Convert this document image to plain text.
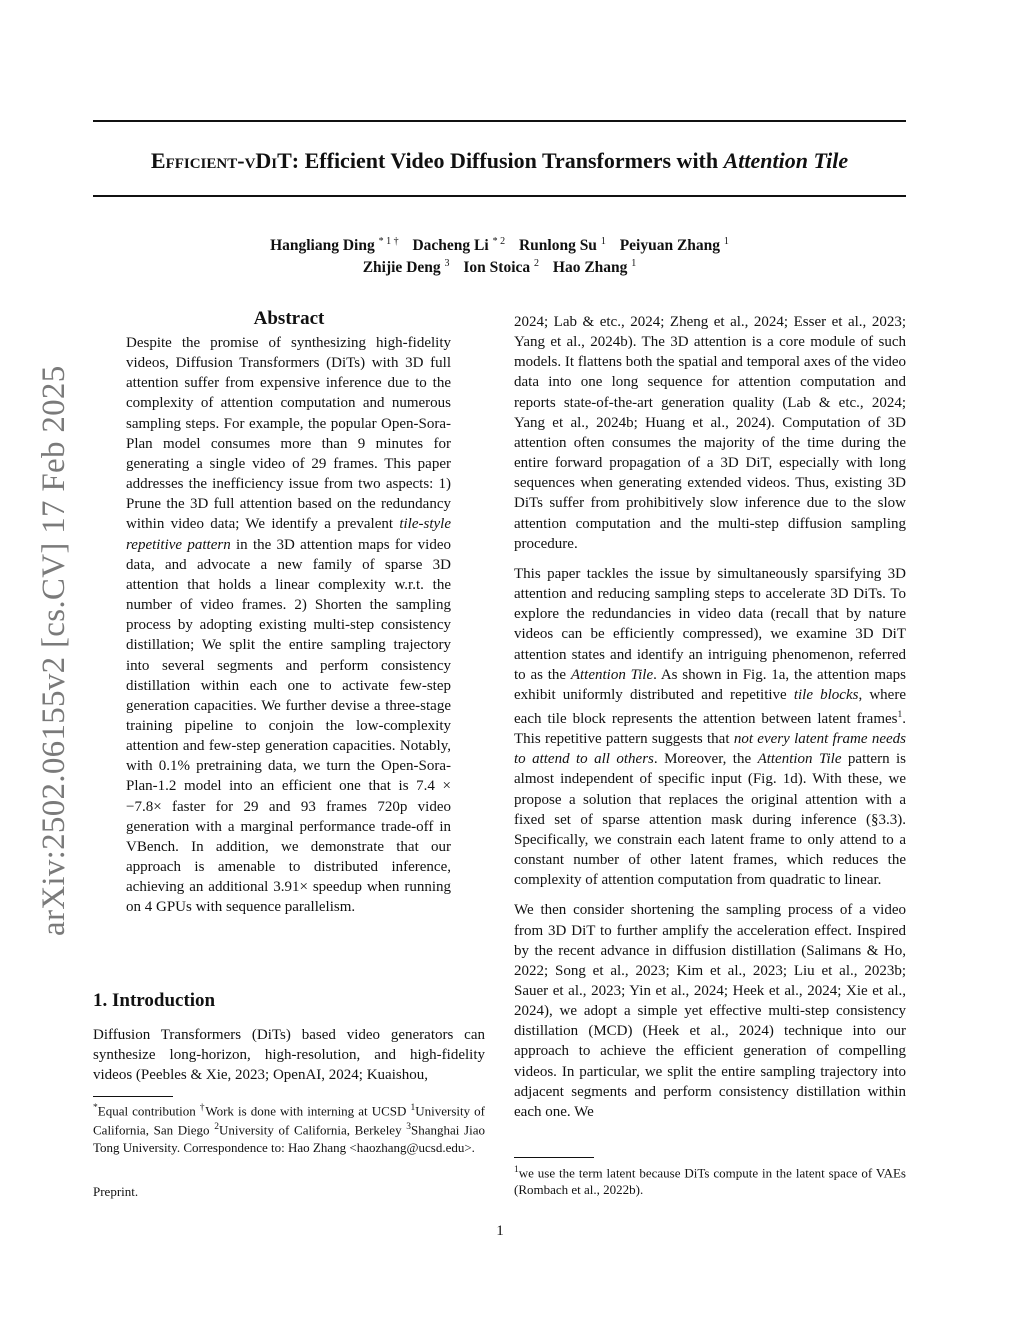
Efficient-vDiT: Efficient Video Diffusion Transformers with Attention Tile
Hangliang Ding $^{* 1 \dagger}$ Dacheng Li $^{* 2}$ Runlong Su $^1$ Peiyuan Zhang $^1$
Zhijie Deng $^3$ Ion Stoica $^2$ Hao Zhang $^1$
arXiv:2502.06155v2 [cs.CV] 17 Feb 2025
Abstract

Despite the promise of synthesizing high-fidelity videos, Diffusion Transformers (DiTs) with 3D full attention suffer from expensive inference due to the complexity of attention computation and numerous sampling steps. For example, the popular Open-Sora-Plan model consumes more than 9 minutes for generating a single video of 29 frames. This paper addresses the inefficiency issue from two aspects: 1) Prune the 3D full attention based on the redundancy within video data; We identify a prevalent tile-style repetitive pattern in the 3D attention maps for video data, and advocate a new family of sparse 3D attention that holds a linear complexity w.r.t. the number of video frames. 2) Shorten the sampling process by adopting existing multi-step consistency distillation; We split the entire sampling trajectory into several segments and perform consistency distillation within each one to activate few-step generation capacities. We further devise a three-stage training pipeline to conjoin the low-complexity attention and few-step generation capacities. Notably, with 0.1% pretraining data, we turn the Open-Sora-Plan-1.2 model into an efficient one that is 7.4 × −7.8× faster for 29 and 93 frames 720p video generation with a marginal performance trade-off in VBench. In addition, we demonstrate that our approach is amenable to distributed inference, achieving an additional 3.91× speedup when running on 4 GPUs with sequence parallelism.

1. Introduction

Diffusion Transformers (DiTs) based video generators can synthesize long-horizon, high-resolution, and high-fidelity videos (Peebles & Xie, 2023; OpenAI, 2024; Kuaishou,

*Equal contribution †Work is done with interning at UCSD $^1$University of California, San Diego $^2$University of California, Berkeley $^3$Shanghai Jiao Tong University. Correspondence to: Hao Zhang <haozhang@ucsd.edu>.
Preprint.

2024; Lab & etc., 2024; Zheng et al., 2024; Esser et al., 2023; Yang et al., 2024b). The 3D attention is a core module of such models. It flattens both the spatial and temporal axes of the video data into one long sequence for attention computation and reports state-of-the-art generation quality (Lab & etc., 2024; Yang et al., 2024b; Huang et al., 2024). Computation of 3D attention often consumes the majority of the time during the entire forward propagation of a 3D DiT, especially with long sequences when generating extended videos. Thus, existing 3D DiTs suffer from prohibitively slow inference due to the slow attention computation and the multi-step diffusion sampling procedure.

This paper tackles the issue by simultaneously sparsifying 3D attention and reducing sampling steps to accelerate 3D DiTs. To explore the redundancies in video data (recall that by nature videos can be efficiently compressed), we examine 3D DiT attention states and identify an intriguing phenomenon, referred to as the Attention Tile. As shown in Fig. 1a, the attention maps exhibit uniformly distributed and repetitive tile blocks, where each tile block represents the attention between latent frames$^1$. This repetitive pattern suggests that not every latent frame needs to attend to all others. Moreover, the Attention Tile pattern is almost independent of specific input (Fig. 1d). With these, we propose a solution that replaces the original attention with a fixed set of sparse attention mask during inference (§3.3). Specifically, we constrain each latent frame to only attend to a constant number of other latent frames, which reduces the complexity of attention computation from quadratic to linear.

We then consider shortening the sampling process of a video from 3D DiT to further amplify the acceleration effect. Inspired by the recent advance in diffusion distillation (Salimans & Ho, 2022; Song et al., 2023; Kim et al., 2023; Liu et al., 2023b; Sauer et al., 2023; Yin et al., 2024; Heek et al., 2024; Xie et al., 2024), we adopt a simple yet effective multi-step consistency distillation (MCD) (Heek et al., 2024) technique into our approach to achieve the efficient generation of compelling videos. In particular, we split the entire sampling trajectory into adjacent segments and perform consistency distillation within each one. We

$^1$we use the term latent because DiTs compute in the latent space of VAEs (Rombach et al., 2022b).
1
